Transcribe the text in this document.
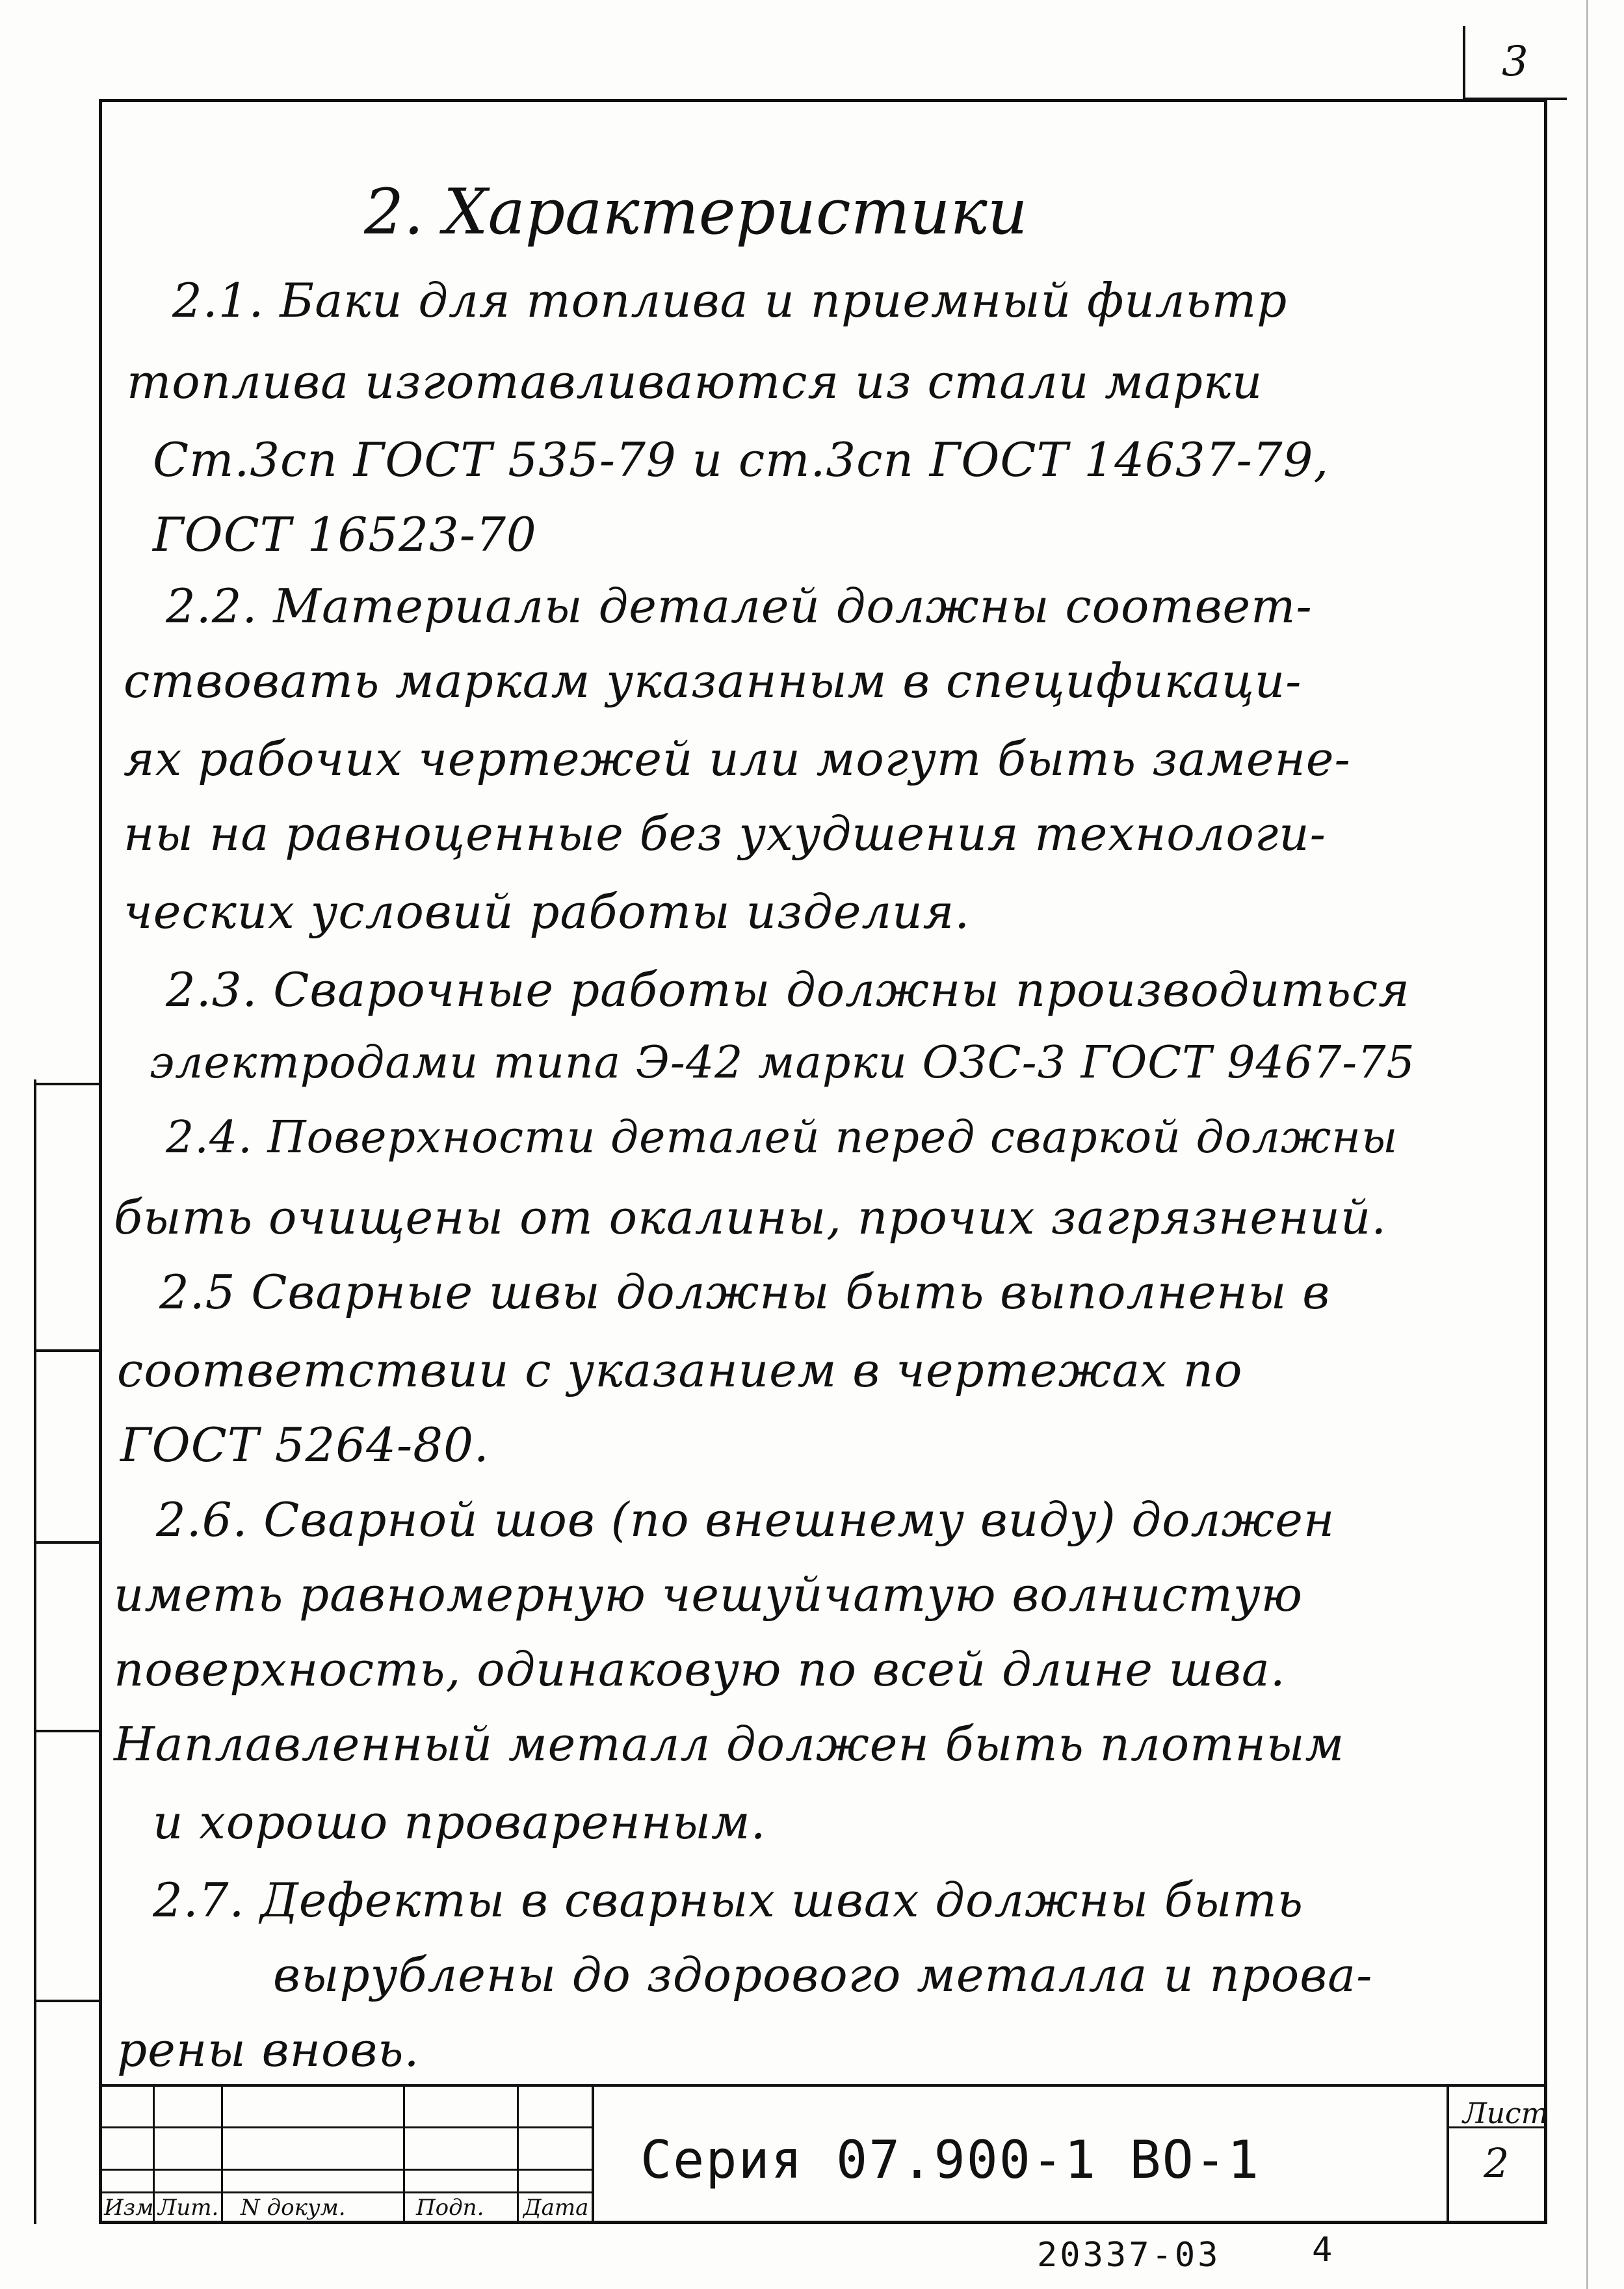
3
2. Характеристики
2.1. Баки для топлива и приемный фильтр
топлива изготавливаются из стали марки
Ст.3сп ГОСТ 535-79 и ст.3сп ГОСТ 14637-79,
ГОСТ 16523-70
2.2. Материалы деталей должны соответ-
ствовать маркам указанным в спецификаци-
ях рабочих чертежей или могут быть замене-
ны на равноценные без ухудшения технологи-
ческих условий работы изделия.
2.3. Сварочные работы должны производиться
электродами типа Э-42 марки ОЗС-3 ГОСТ 9467-75
2.4. Поверхности деталей перед сваркой должны
быть очищены от окалины, прочих загрязнений.
2.5 Сварные швы должны быть выполнены в
соответствии с указанием в чертежах по
ГОСТ 5264-80.
2.6. Сварной шов (по внешнему виду) должен
иметь равномерную чешуйчатую волнистую
поверхность, одинаковую по всей длине шва.
Наплавленный металл должен быть плотным
и хорошо проваренным.
2.7. Дефекты в сварных швах должны быть
вырублены до здорового металла и прова-
рены вновь.
Изм Лит. N докум.	Подп. Дата
Серия 07.900-1 ВО-1
Лист
2
20337-03	4
